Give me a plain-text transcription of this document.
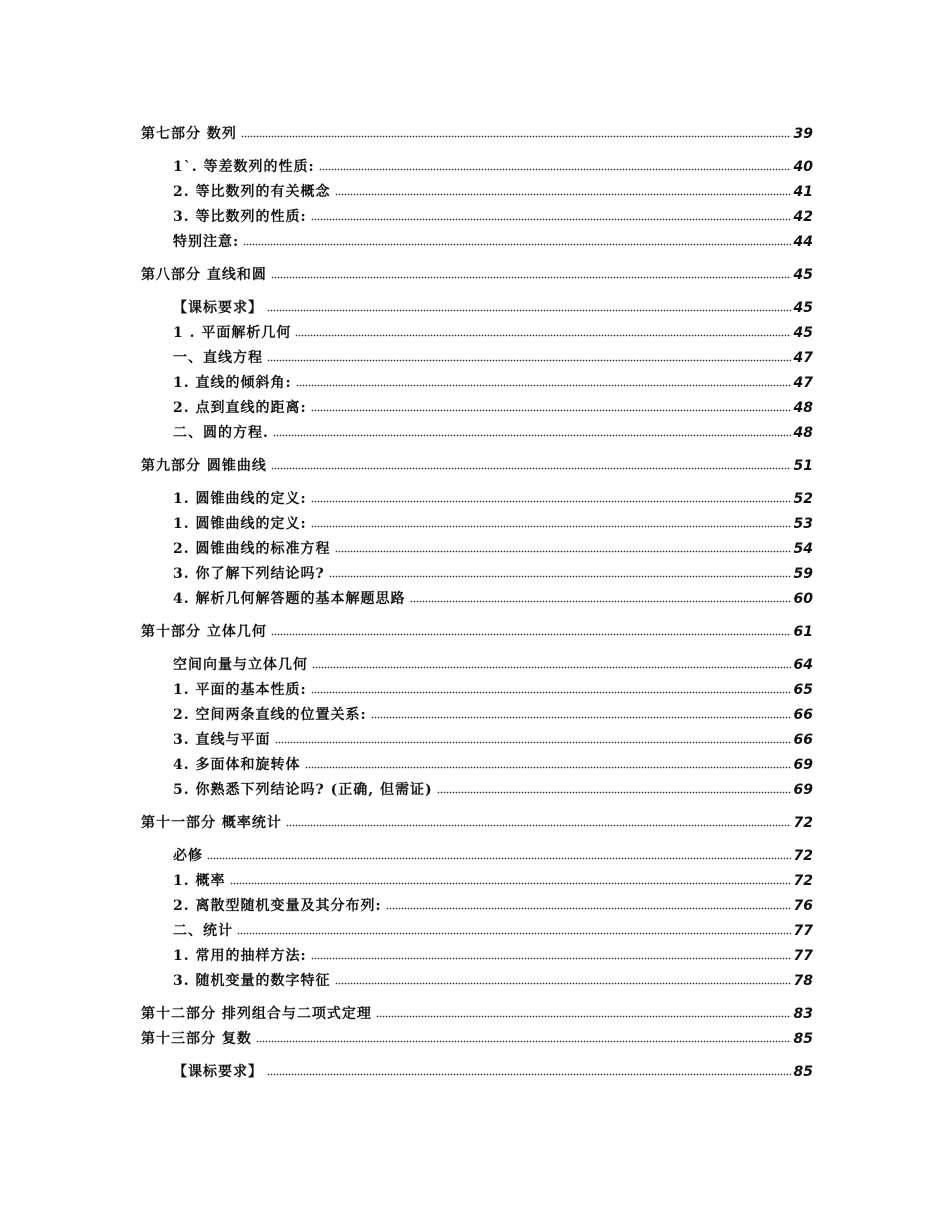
第七部分 数列	39
1`. 等差数列的性质:	40
2. 等比数列的有关概念	41
3. 等比数列的性质:	42
特别注意:	44
第八部分 直线和圆	45
【课标要求】	45
1 . 平面解析几何	45
一、直线方程	47
1. 直线的倾斜角:	47
2. 点到直线的距离:	48
二、圆的方程.	48
第九部分 圆锥曲线	51
1. 圆锥曲线的定义:	52
1. 圆锥曲线的定义:	53
2. 圆锥曲线的标准方程	54
3. 你了解下列结论吗?	59
4. 解析几何解答题的基本解题思路	60
第十部分 立体几何	61
空间向量与立体几何	64
1. 平面的基本性质:	65
2. 空间两条直线的位置关系:	66
3. 直线与平面	66
4. 多面体和旋转体	69
5. 你熟悉下列结论吗? (正确, 但需证)	69
第十一部分 概率统计	72
必修	72
1. 概率	72
2. 离散型随机变量及其分布列:	76
二、统计	77
1. 常用的抽样方法:	77
3. 随机变量的数字特征	78
第十二部分 排列组合与二项式定理	83
第十三部分 复数	85
【课标要求】	85
